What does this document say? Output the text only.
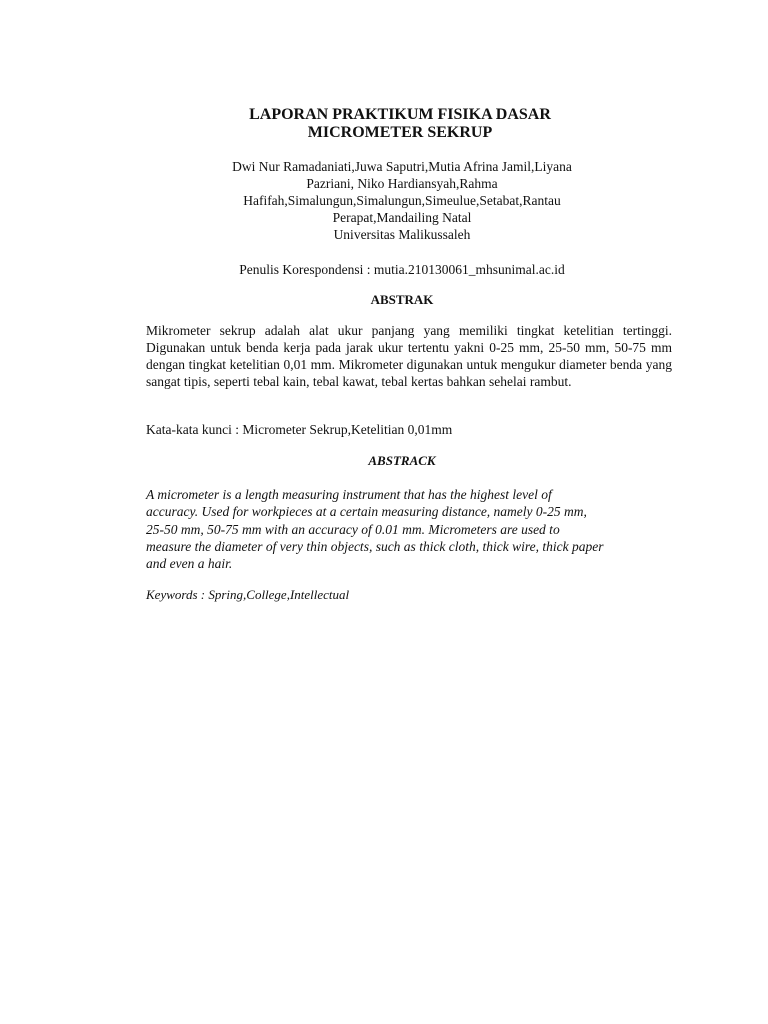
LAPORAN PRAKTIKUM FISIKA DASAR
MICROMETER SEKRUP
Dwi Nur Ramadaniati,Juwa Saputri,Mutia Afrina Jamil,Liyana
Pazriani, Niko Hardiansyah,Rahma
Hafifah,Simalungun,Simalungun,Simeulue,Setabat,Rantau
Perapat,Mandailing Natal
Universitas Malikussaleh
Penulis Korespondensi : mutia.210130061_mhsunimal.ac.id
ABSTRAK

Mikrometer sekrup adalah alat ukur panjang yang memiliki tingkat ketelitian tertinggi. Digunakan untuk benda kerja pada jarak ukur tertentu yakni 0-25 mm, 25-50 mm, 50-75 mm dengan tingkat ketelitian 0,01 mm. Mikrometer digunakan untuk mengukur diameter benda yang sangat tipis, seperti tebal kain, tebal kawat, tebal kertas bahkan sehelai rambut.

Kata-kata kunci : Micrometer Sekrup,Ketelitian 0,01mm
ABSTRACK
A micrometer is a length measuring instrument that has the highest level of
accuracy. Used for workpieces at a certain measuring distance, namely 0-25 mm,
25-50 mm, 50-75 mm with an accuracy of 0.01 mm. Micrometers are used to
measure the diameter of very thin objects, such as thick cloth, thick wire, thick paper
and even a hair.
Keywords : Spring,College,Intellectual
